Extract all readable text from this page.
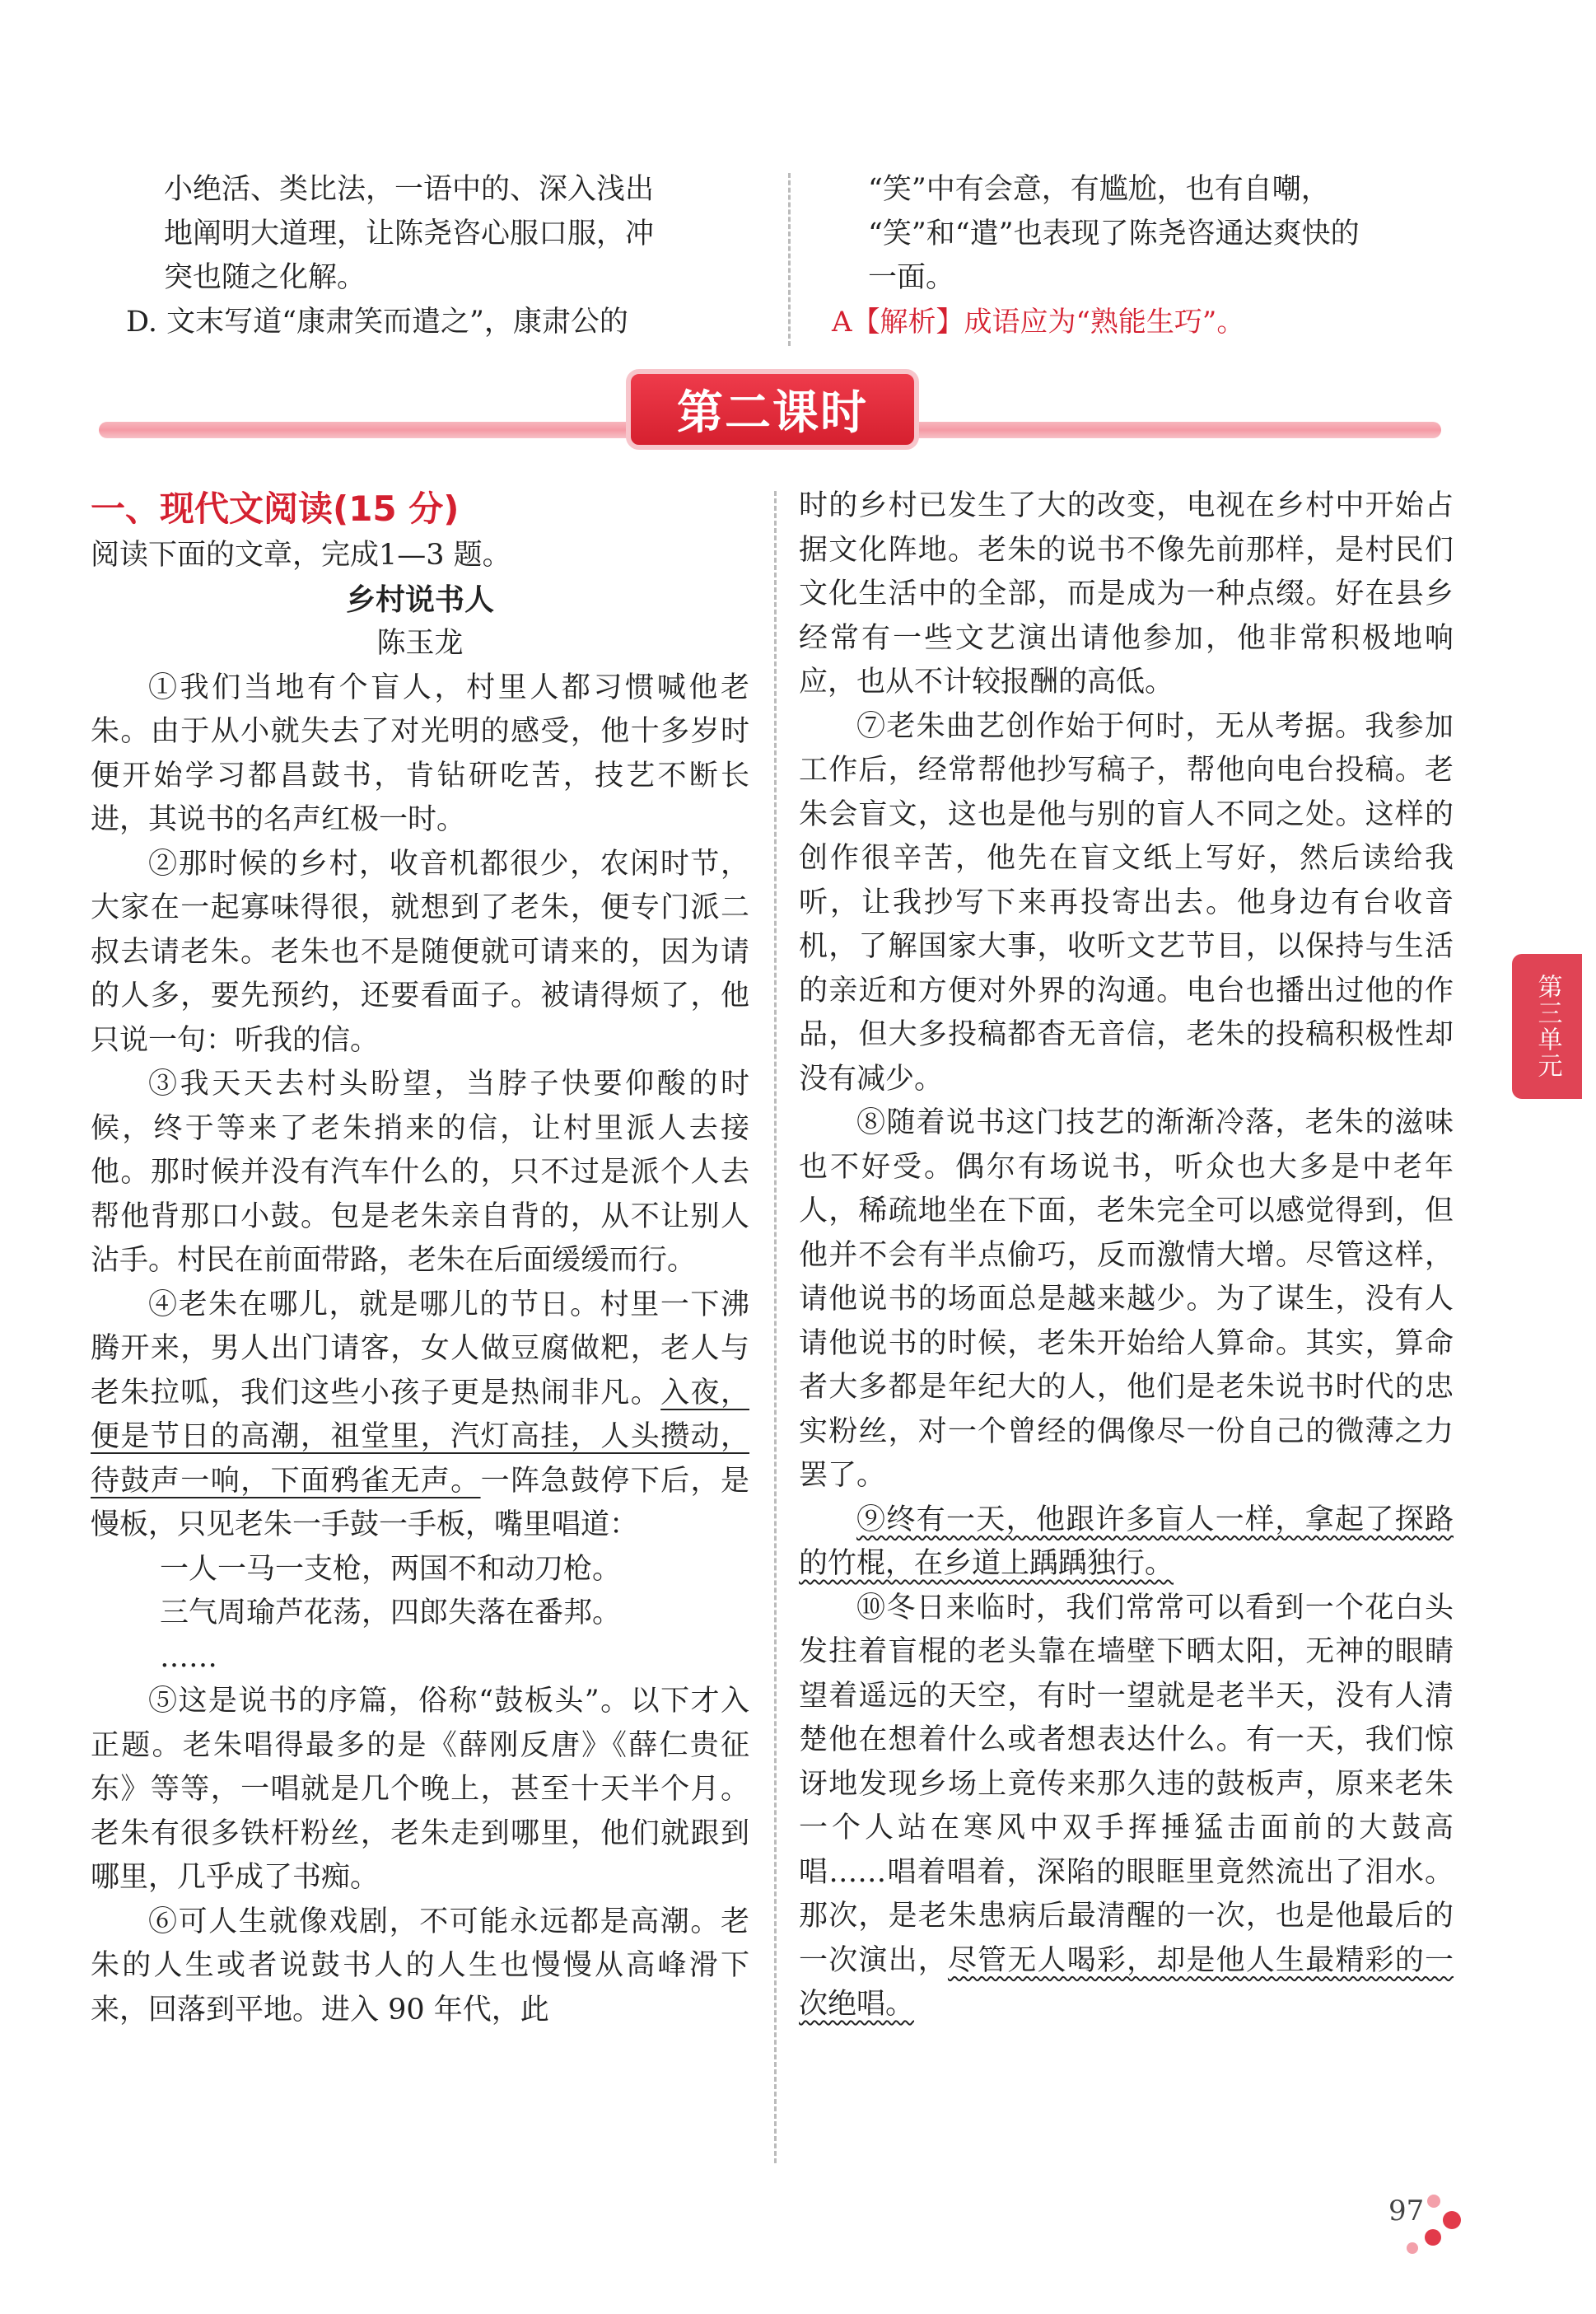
小绝活、类比法，一语中的、深入浅出

地阐明大道理，让陈尧咨心服口服，冲

突也随之化解。

D. 文末写道“康肃笑而遣之”，康肃公的

“笑”中有会意，有尴尬，也有自嘲，

“笑”和“遣”也表现了陈尧咨通达爽快的

一面。

A【解析】成语应为“熟能生巧”。

第二课时

一、现代文阅读(15 分)

阅读下面的文章，完成1—3 题。

乡村说书人

陈玉龙

①我们当地有个盲人，村里人都习惯喊他老朱。由于从小就失去了对光明的感受，他十多岁时便开始学习都昌鼓书，肯钻研吃苦，技艺不断长进，其说书的名声红极一时。

②那时候的乡村，收音机都很少，农闲时节，大家在一起寡味得很，就想到了老朱，便专门派二叔去请老朱。老朱也不是随便就可请来的，因为请的人多，要先预约，还要看面子。被请得烦了，他只说一句：听我的信。

③我天天去村头盼望，当脖子快要仰酸的时候，终于等来了老朱捎来的信，让村里派人去接他。那时候并没有汽车什么的，只不过是派个人去帮他背那口小鼓。包是老朱亲自背的，从不让别人沾手。村民在前面带路，老朱在后面缓缓而行。

④老朱在哪儿，就是哪儿的节日。村里一下沸腾开来，男人出门请客，女人做豆腐做粑，老人与老朱拉呱，我们这些小孩子更是热闹非凡。入夜，便是节日的高潮，祖堂里，汽灯高挂，人头攒动，待鼓声一响，下面鸦雀无声。一阵急鼓停下后，是慢板，只见老朱一手鼓一手板，嘴里唱道：

一人一马一支枪，两国不和动刀枪。

三气周瑜芦花荡，四郎失落在番邦。

……

⑤这是说书的序篇，俗称“鼓板头”。以下才入正题。老朱唱得最多的是《薛刚反唐》《薛仁贵征东》等等，一唱就是几个晚上，甚至十天半个月。老朱有很多铁杆粉丝，老朱走到哪里，他们就跟到哪里，几乎成了书痴。

⑥可人生就像戏剧，不可能永远都是高潮。老朱的人生或者说鼓书人的人生也慢慢从高峰滑下来，回落到平地。进入 90 年代，此

时的乡村已发生了大的改变，电视在乡村中开始占据文化阵地。老朱的说书不像先前那样，是村民们文化生活中的全部，而是成为一种点缀。好在县乡经常有一些文艺演出请他参加，他非常积极地响应，也从不计较报酬的高低。

⑦老朱曲艺创作始于何时，无从考据。我参加工作后，经常帮他抄写稿子，帮他向电台投稿。老朱会盲文，这也是他与别的盲人不同之处。这样的创作很辛苦，他先在盲文纸上写好，然后读给我听，让我抄写下来再投寄出去。他身边有台收音机，了解国家大事，收听文艺节目，以保持与生活的亲近和方便对外界的沟通。电台也播出过他的作品，但大多投稿都杳无音信，老朱的投稿积极性却没有减少。

⑧随着说书这门技艺的渐渐冷落，老朱的滋味也不好受。偶尔有场说书，听众也大多是中老年人，稀疏地坐在下面，老朱完全可以感觉得到，但他并不会有半点偷巧，反而激情大增。尽管这样，请他说书的场面总是越来越少。为了谋生，没有人请他说书的时候，老朱开始给人算命。其实，算命者大多都是年纪大的人，他们是老朱说书时代的忠实粉丝，对一个曾经的偶像尽一份自己的微薄之力罢了。

⑨终有一天，他跟许多盲人一样，拿起了探路的竹棍，在乡道上踽踽独行。

⑩冬日来临时，我们常常可以看到一个花白头发拄着盲棍的老头靠在墙壁下晒太阳，无神的眼睛望着遥远的天空，有时一望就是老半天，没有人清楚他在想着什么或者想表达什么。有一天，我们惊讶地发现乡场上竟传来那久违的鼓板声，原来老朱一个人站在寒风中双手挥捶猛击面前的大鼓高唱……唱着唱着，深陷的眼眶里竟然流出了泪水。那次，是老朱患病后最清醒的一次，也是他最后的一次演出，尽管无人喝彩，却是他人生最精彩的一次绝唱。

第三单元
97
